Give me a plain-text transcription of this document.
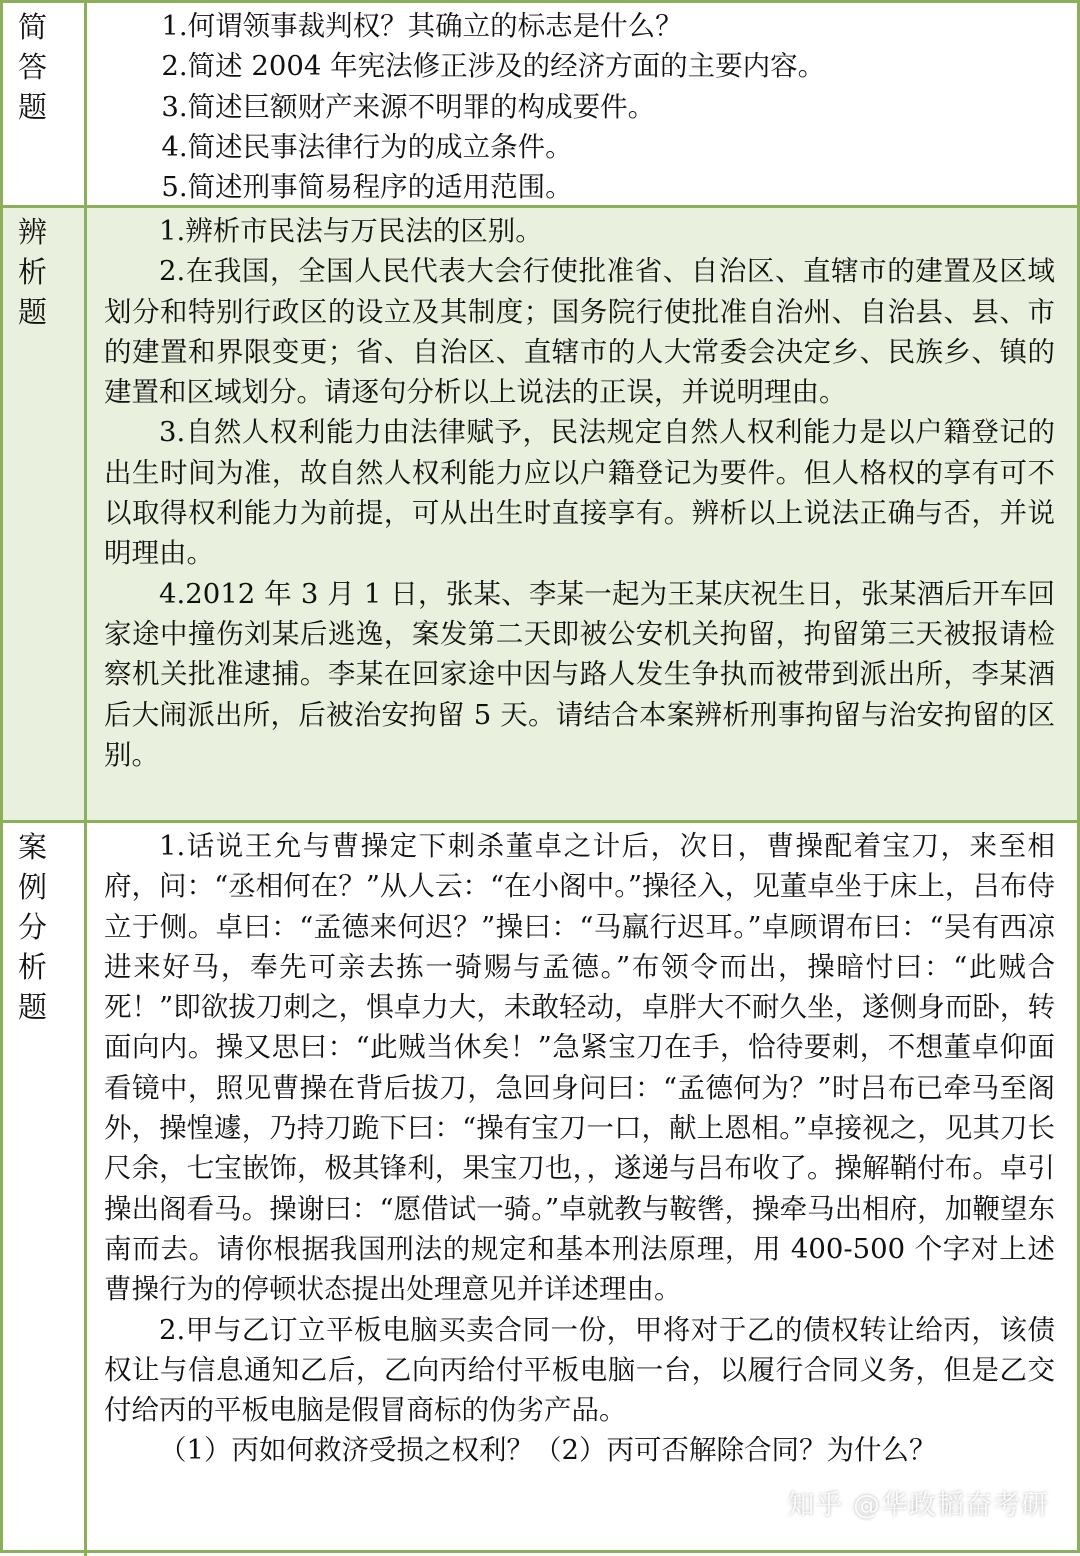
简答题

1.何谓领事裁判权？其确立的标志是什么？

2.简述 2004 年宪法修正涉及的经济方面的主要内容。

3.简述巨额财产来源不明罪的构成要件。

4.简述民事法律行为的成立条件。

5.简述刑事简易程序的适用范围。

辨析题

1.辨析市民法与万民法的区别。

2.在我国，全国人民代表大会行使批准省、自治区、直辖市的建置及区域划分和特别行政区的设立及其制度；国务院行使批准自治州、自治县、县、市的建置和界限变更；省、自治区、直辖市的人大常委会决定乡、民族乡、镇的建置和区域划分。请逐句分析以上说法的正误，并说明理由。

3.自然人权利能力由法律赋予，民法规定自然人权利能力是以户籍登记的出生时间为准，故自然人权利能力应以户籍登记为要件。但人格权的享有可不以取得权利能力为前提，可从出生时直接享有。辨析以上说法正确与否，并说明理由。

4.2012 年 3 月 1 日，张某、李某一起为王某庆祝生日，张某酒后开车回家途中撞伤刘某后逃逸，案发第二天即被公安机关拘留，拘留第三天被报请检察机关批准逮捕。李某在回家途中因与路人发生争执而被带到派出所，李某酒后大闹派出所，后被治安拘留 5 天。请结合本案辨析刑事拘留与治安拘留的区别。

案例分析题

1.话说王允与曹操定下刺杀董卓之计后，次日，曹操配着宝刀，来至相府，问：“丞相何在？”从人云：“在小阁中。”操径入，见董卓坐于床上，吕布侍立于侧。卓曰：“孟德来何迟？”操曰：“马羸行迟耳。”卓顾谓布曰：“吴有西凉进来好马，奉先可亲去拣一骑赐与孟德。”布领令而出，操暗忖曰：“此贼合死！”即欲拔刀刺之，惧卓力大，未敢轻动，卓胖大不耐久坐，遂侧身而卧，转面向内。操又思曰：“此贼当休矣！”急紧宝刀在手，恰待要刺，不想董卓仰面看镜中，照见曹操在背后拔刀，急回身问曰：“孟德何为？”时吕布已牵马至阁外，操惶遽，乃持刀跪下曰：“操有宝刀一口，献上恩相。”卓接视之，见其刀长尺余，七宝嵌饰，极其锋利，果宝刀也，，遂递与吕布收了。操解鞘付布。卓引操出阁看马。操谢曰：“愿借试一骑。”卓就教与鞍辔，操牵马出相府，加鞭望东南而去。请你根据我国刑法的规定和基本刑法原理，用 400-500 个字对上述曹操行为的停顿状态提出处理意见并详述理由。

2.甲与乙订立平板电脑买卖合同一份，甲将对于乙的债权转让给丙，该债权让与信息通知乙后，乙向丙给付平板电脑一台，以履行合同义务，但是乙交付给丙的平板电脑是假冒商标的伪劣产品。

（1）丙如何救济受损之权利？（2）丙可否解除合同？为什么？

知乎 @华政韬奋考研
